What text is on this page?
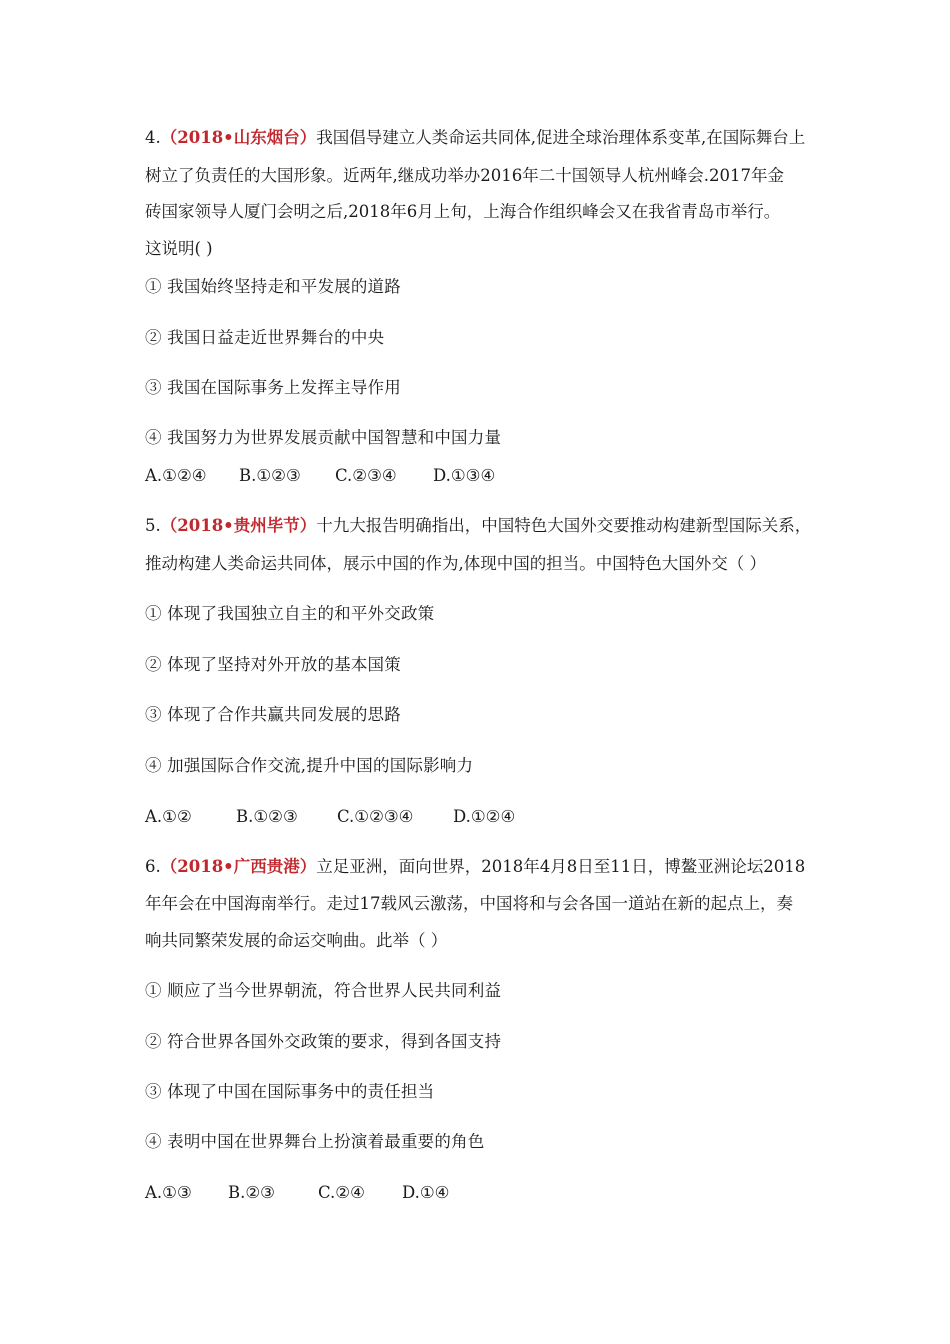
4.（2018•山东烟台）我国倡导建立人类命运共同体,促进全球治理体系变革,在国际舞台上
树立了负责任的大国形象。近两年,继成功举办2016年二十国领导人杭州峰会.2017年金
砖国家领导人厦门会明之后,2018年6月上旬，上海合作组织峰会又在我省青岛市举行。
这说明( )
① 我国始终坚持走和平发展的道路
② 我国日益走近世界舞台的中央
③ 我国在国际事务上发挥主导作用
④ 我国努力为世界发展贡献中国智慧和中国力量
A.①②④ B.①②③ C.②③④ D.①③④
5.（2018•贵州毕节）十九大报告明确指出，中国特色大国外交要推动构建新型国际关系，
推动构建人类命运共同体，展示中国的作为,体现中国的担当。中国特色大国外交（ ）
① 体现了我国独立自主的和平外交政策
② 体现了坚持对外开放的基本国策
③ 体现了合作共赢共同发展的思路
④ 加强国际合作交流,提升中国的国际影响力
A.①②	B.①②③ C.①②③④ D.①②④
6.（2018•广西贵港）立足亚洲，面向世界，2018年4月8日至11日，博鳌亚洲论坛2018
年年会在中国海南举行。走过17载风云激荡，中国将和与会各国一道站在新的起点上，奏
响共同繁荣发展的命运交响曲。此举（ ）
① 顺应了当今世界朝流，符合世界人民共同利益
② 符合世界各国外交政策的要求，得到各国支持
③ 体现了中国在国际事务中的责任担当
④ 表明中国在世界舞台上扮演着最重要的角色
A.①③ B.②③	C.②④ D.①④
